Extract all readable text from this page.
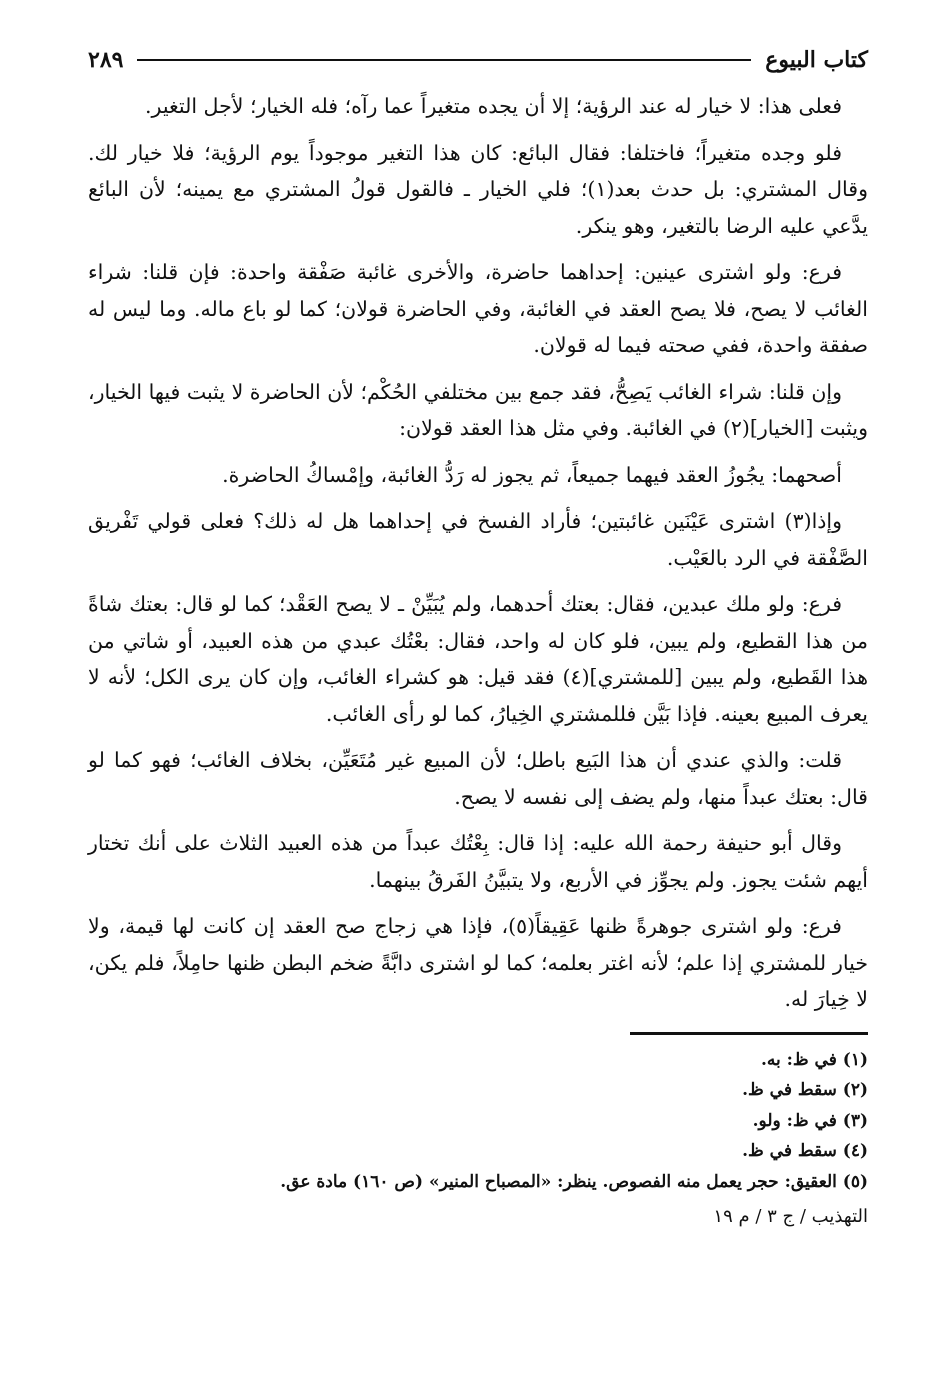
كتاب البيوع
٢٨٩

فعلى هذا: لا خيار له عند الرؤية؛ إلا أن يجده متغيراً عما رآه؛ فله الخيار؛ لأجل التغير.

فلو وجده متغيراً؛ فاختلفا: فقال البائع: كان هذا التغير موجوداً يوم الرؤية؛ فلا خيار لك. وقال المشتري: بل حدث بعد(١)؛ فلي الخيار ـ فالقول قولُ المشتري مع يمينه؛ لأن البائع يدَّعي عليه الرضا بالتغير، وهو ينكر.

فرع: ولو اشترى عينين: إحداهما حاضرة، والأخرى غائبة صَفْقة واحدة: فإن قلنا: شراء الغائب لا يصح، فلا يصح العقد في الغائبة، وفي الحاضرة قولان؛ كما لو باع ماله. وما ليس له صفقة واحدة، ففي صحته فيما له قولان.

وإن قلنا: شراء الغائب يَصِحُّ، فقد جمع بين مختلفي الحُكْم؛ لأن الحاضرة لا يثبت فيها الخيار، ويثبت [الخيار](٢) في الغائبة. وفي مثل هذا العقد قولان:

أصحهما: يجُوزُ العقد فيهما جميعاً، ثم يجوز له رَدُّ الغائبة، وإمْساكُ الحاضرة.

وإذا(٣) اشترى عَيْنَين غائبتين؛ فأراد الفسخ في إحداهما هل له ذلك؟ فعلى قولي تَفْريق الصَّفْقة في الرد بالعَيْب.

فرع: ولو ملك عبدين، فقال: بعتك أحدهما، ولم يُبَيِّنْ ـ لا يصح العَقْد؛ كما لو قال: بعتك شاةً من هذا القطيع، ولم يبين، فلو كان له واحد، فقال: بعْتُك عبدي من هذه العبيد، أو شاتي من هذا القَطيع، ولم يبين [للمشتري](٤) فقد قيل: هو كشراء الغائب، وإن كان يرى الكل؛ لأنه لا يعرف المبيع بعينه. فإذا بَيَّن فللمشتري الخِيارُ، كما لو رأى الغائب.

قلت: والذي عندي أن هذا البَيع باطل؛ لأن المبيع غير مُتَعَيِّن، بخلاف الغائب؛ فهو كما لو قال: بعتك عبداً منها، ولم يضف إلى نفسه لا يصح.

وقال أبو حنيفة رحمة الله عليه: إذا قال: بِعْتُك عبداً من هذه العبيد الثلاث على أنك تختار أيهم شئت يجوز. ولم يجوِّز في الأربع، ولا يتبيَّنُ الفَرقُ بينهما.

فرع: ولو اشترى جوهرةً ظنها عَقِيقاً(٥)، فإذا هي زجاج صح العقد إن كانت لها قيمة، ولا خيار للمشتري إذا علم؛ لأنه اغتر بعلمه؛ كما لو اشترى دابَّةً ضخم البطن ظنها حامِلاً، فلم يكن، لا خِيارَ له.

(١) في ظ: به.
(٢) سقط في ظ.
(٣) في ظ: ولو.
(٤) سقط في ظ.
(٥) العقيق: حجر يعمل منه الفصوص. ينظر: «المصباح المنير» (ص ١٦٠) مادة عق.
التهذيب / ج ٣ / م ١٩
